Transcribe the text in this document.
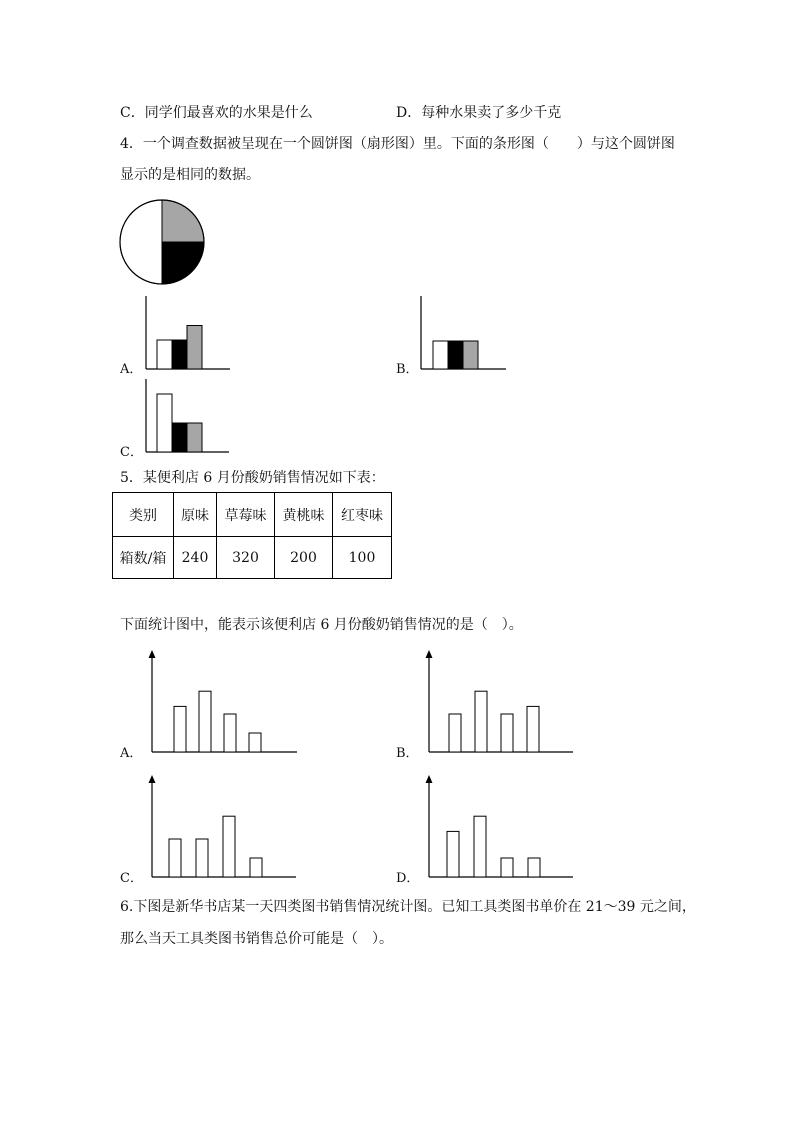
C．同学们最喜欢的水果是什么	D．每种水果卖了多少千克
4．一个调查数据被呈现在一个圆饼图（扇形图）里。下面的条形图（　　）与这个圆饼图
显示的是相同的数据。
A．	B．
C．
5．某便利店 6 月份酸奶销售情况如下表：
类别	原味	草莓味	黄桃味	红枣味
箱数/箱	240	320	200	100
下面统计图中，能表示该便利店 6 月份酸奶销售情况的是（　）。
A．	B．
C．	D．
6.下图是新华书店某一天四类图书销售情况统计图。已知工具类图书单价在 21～39 元之间，
那么当天工具类图书销售总价可能是（　）。
